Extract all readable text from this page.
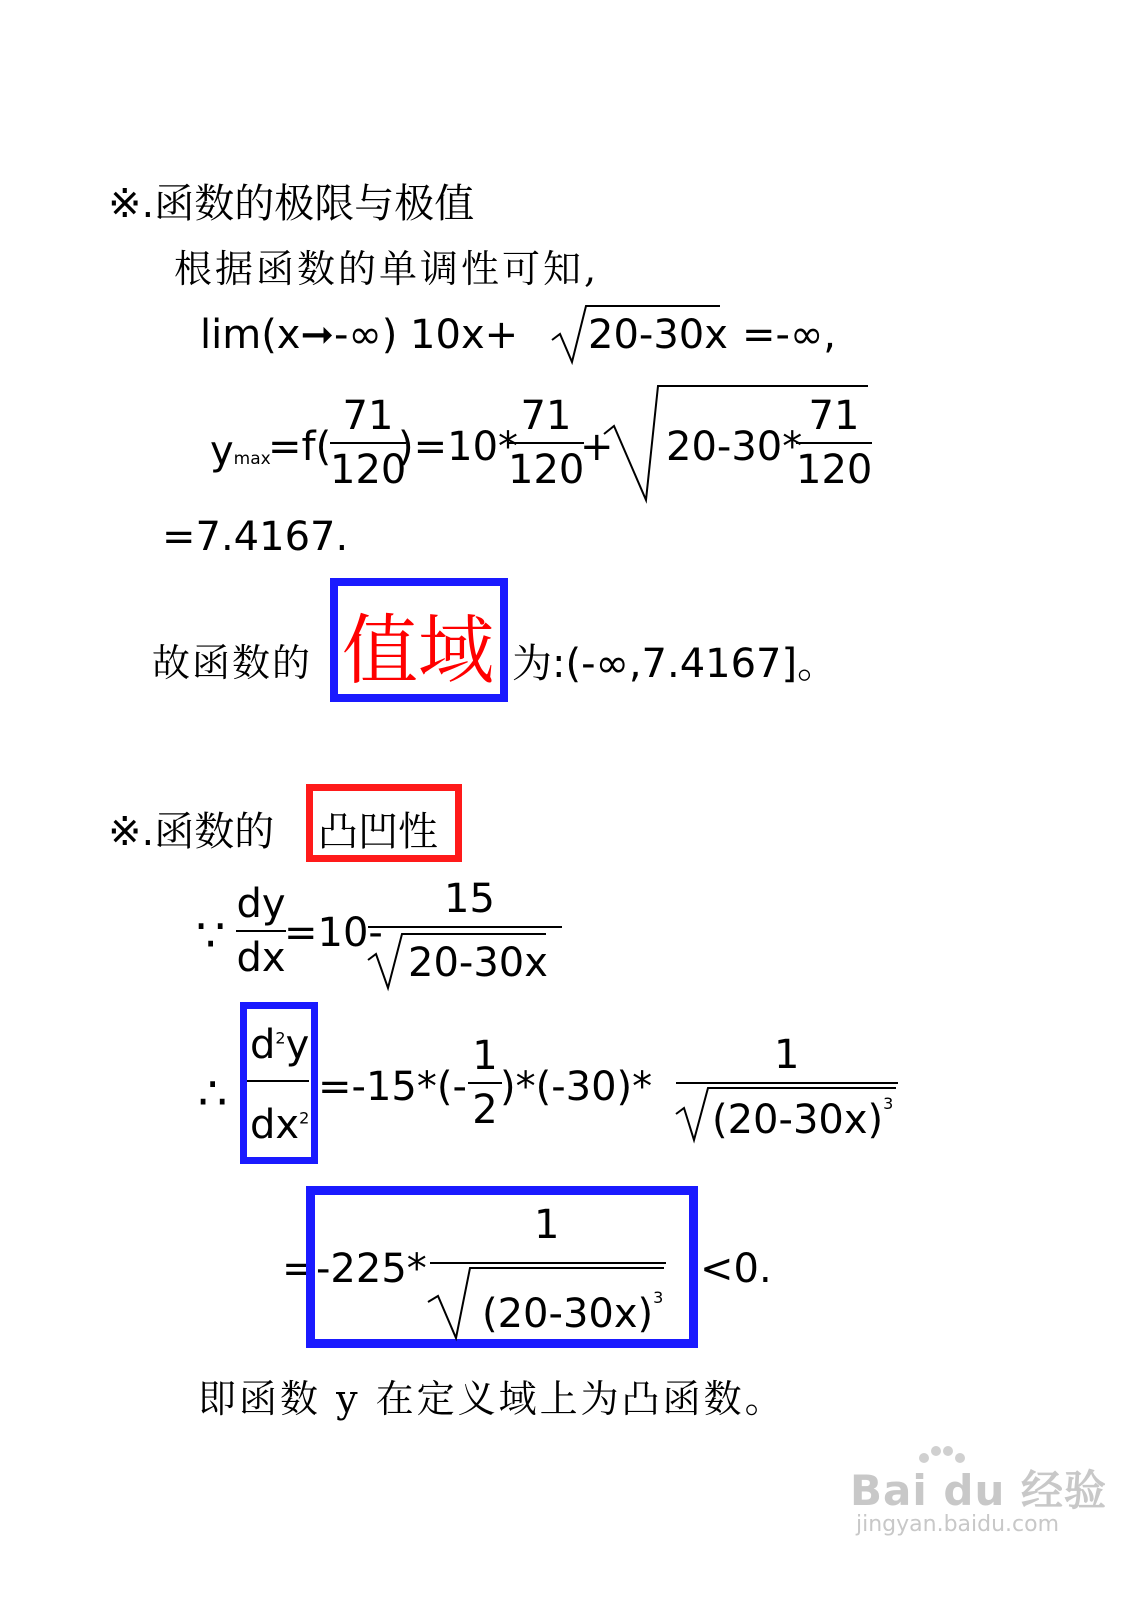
※.函数的极限与极值
根据函数的单调性可知,
lim(x➞-∞) 10x+ 20-30x =-∞,
ymax
=f(
71
120
)=10*
71
120
+ 20-30*
71
120
=7.4167.
故函数的 值域 为:(-∞,7.4167]。
※.函数的 凸凹性
∵
dy
dx
=10-
15
20-30x
∴
$d^2y$
$dx^2$
=-15*(-
1
2 )*(-30)*
1
$(20-30x)^3$
= -225*
1
$(20-30x)^3$
<0.
即函数 y 在定义域上为凸函数。
Bai du 经验
jingyan.baidu.com
